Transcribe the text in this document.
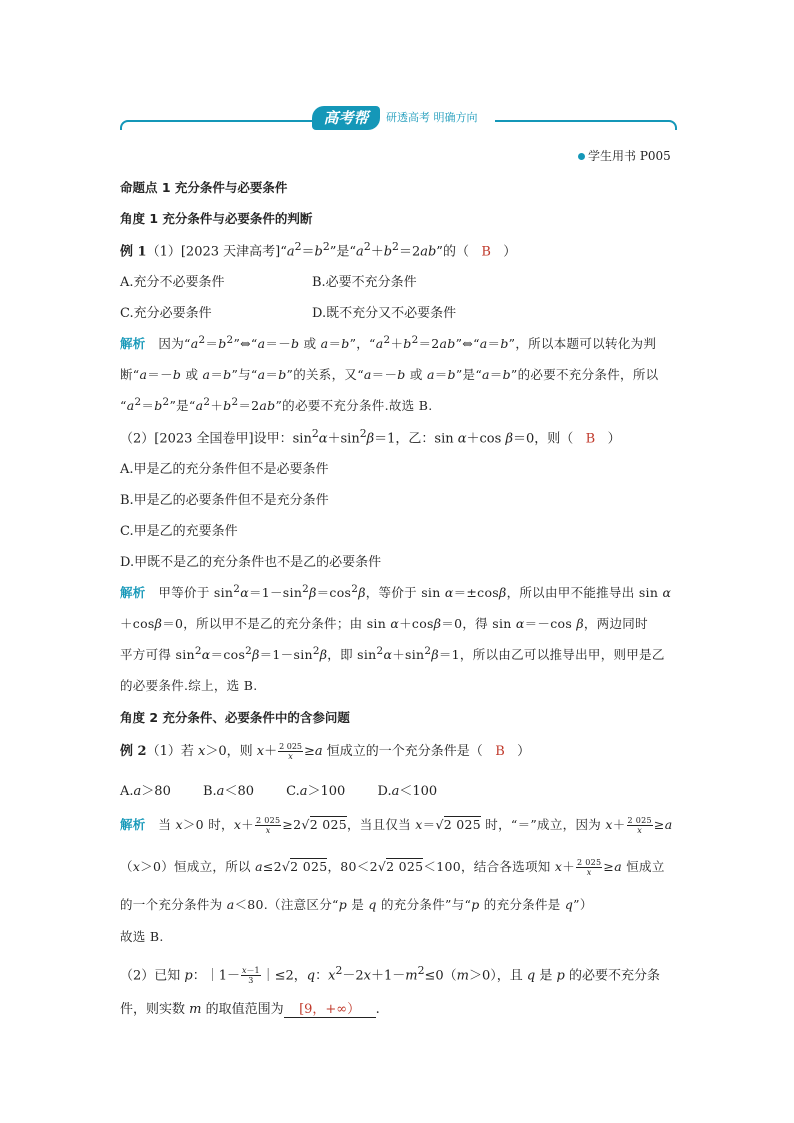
高考帮	研透高考 明确方向
学生用书 P005
命题点 1 充分条件与必要条件
角度 1 充分条件与必要条件的判断
例 1（1）[2023 天津高考]“$a^2=b^2$”是“$a^2+b^2=2ab$”的（   B   ）
A.充分不必要条件	B.必要不充分条件
C.充分必要条件	D.既不充分又不必要条件
解析   因为“$a^2=b^2”\Leftrightarrow“a=-b$ 或 a＝b”，“$a^2+b^2=2ab”\Leftrightarrow“a=b$”，所以本题可以转化为判
断“a＝－b 或 a＝b”与“a＝b”的关系，又“a＝－b 或 a＝b”是“a＝b”的必要不充分条件，所以
“$a^2=b^2$”是“$a^2+b^2=2ab$”的必要不充分条件.故选 B.
（2）[2023 全国卷甲]设甲：$\sin^2\alpha+\sin^2\beta=1$，乙：sin α＋cos β＝0，则（   B   ）
A.甲是乙的充分条件但不是必要条件
B.甲是乙的必要条件但不是充分条件
C.甲是乙的充要条件
D.甲既不是乙的充分条件也不是乙的必要条件
解析   甲等价于 $\sin^2\alpha=1-\sin^2\beta=\cos^2\beta$，等价于 sin α＝±cosβ，所以由甲不能推导出 sin α
＋cosβ＝0，所以甲不是乙的充分条件；由 sin α＋cosβ＝0，得 sin α＝－cos β，两边同时
平方可得 $\sin^2\alpha=\cos^2\beta=1-\sin^2\beta$，即 $\sin^2\alpha+\sin^2\beta=1$，所以由乙可以推导出甲，则甲是乙
的必要条件.综上，选 B.
角度 2 充分条件、必要条件中的含参问题
例 2（1）若 x＞0，则 $x+ \frac{2 025}{x} \ge a$ 恒成立的一个充分条件是（   B   ）
A.a＞80 B.a＜80 C.a＞100 D.a＜100
解析   当 x＞0 时，$x+ \frac{2 025}{x} \ge 2√2$ 025，当且仅当 x＝√2 025 时，“＝”成立，因为 $x+ \frac{2 025}{x} \ge a$
（x＞0）恒成立，所以 a≤2√2 025，80＜2√2 025＜100，结合各选项知 $x+ \frac{2 025}{x} \ge a$ 恒成立
的一个充分条件为 a＜80.（注意区分“p 是 q 的充分条件”与“p 的充分条件是 q”）
故选 B.
（2）已知 p：｜1－ $\frac{x-1}{3}$ ｜≤2，q：$x^2-2x+1-m^2\le 0(m>0)$，且 q 是 p 的必要不充分条
件，则实数 m 的取值范围为 [9，+∞） .
